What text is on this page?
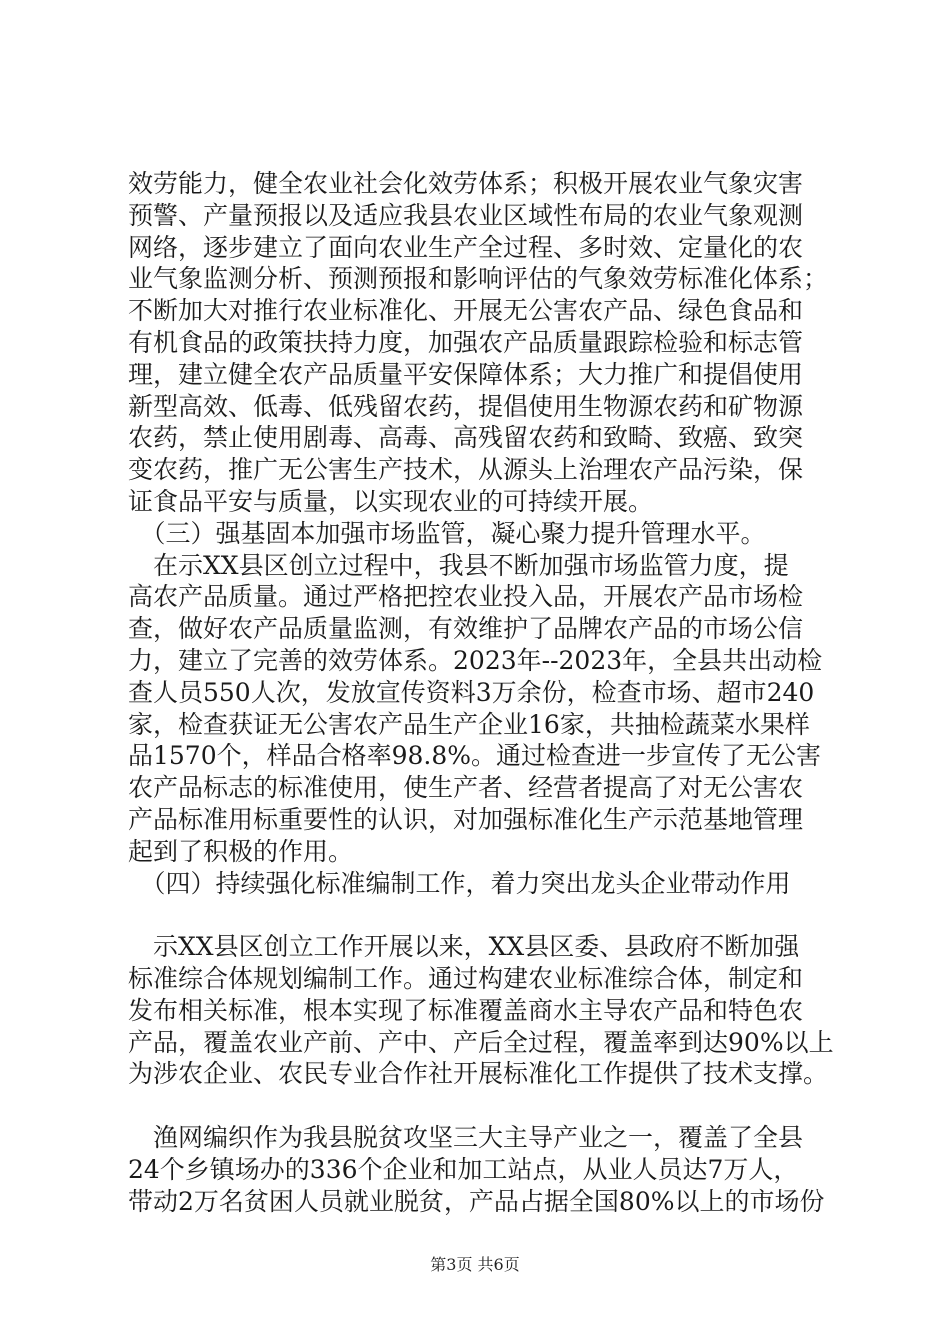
效劳能力，健全农业社会化效劳体系；积极开展农业气象灾害
预警、产量预报以及适应我县农业区域性布局的农业气象观测
网络，逐步建立了面向农业生产全过程、多时效、定量化的农
业气象监测分析、预测预报和影响评估的气象效劳标准化体系；
不断加大对推行农业标准化、开展无公害农产品、绿色食品和
有机食品的政策扶持力度，加强农产品质量跟踪检验和标志管
理，建立健全农产品质量平安保障体系；大力推广和提倡使用
新型高效、低毒、低残留农药，提倡使用生物源农药和矿物源
农药，禁止使用剧毒、高毒、高残留农药和致畸、致癌、致突
变农药，推广无公害生产技术，从源头上治理农产品污染，保
证食品平安与质量，以实现农业的可持续开展。
　（三）强基固本加强市场监管，凝心聚力提升管理水平。
　在示XX县区创立过程中，我县不断加强市场监管力度，提
高农产品质量。通过严格把控农业投入品，开展农产品市场检
查，做好农产品质量监测，有效维护了品牌农产品的市场公信
力，建立了完善的效劳体系。2023年--2023年，全县共出动检
查人员550人次，发放宣传资料3万余份，检查市场、超市240
家，检查获证无公害农产品生产企业16家，共抽检蔬菜水果样
品1570个，样品合格率98.8%。通过检查进一步宣传了无公害
农产品标志的标准使用，使生产者、经营者提高了对无公害农
产品标准用标重要性的认识，对加强标准化生产示范基地管理
起到了积极的作用。
　（四）持续强化标准编制工作，着力突出龙头企业带动作用
　示XX县区创立工作开展以来，XX县区委、县政府不断加强
标准综合体规划编制工作。通过构建农业标准综合体，制定和
发布相关标准，根本实现了标准覆盖商水主导农产品和特色农
产品，覆盖农业产前、产中、产后全过程，覆盖率到达90%以上
为涉农企业、农民专业合作社开展标准化工作提供了技术支撑。
　渔网编织作为我县脱贫攻坚三大主导产业之一，覆盖了全县
24个乡镇场办的336个企业和加工站点，从业人员达7万人，
带动2万名贫困人员就业脱贫，产品占据全国80%以上的市场份
第3页 共6页
